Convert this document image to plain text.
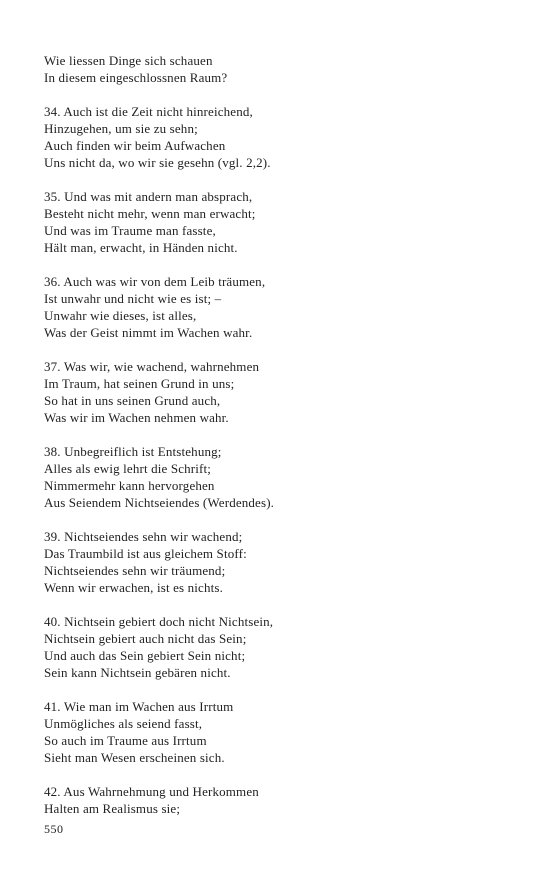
Wie liessen Dinge sich schauen
In diesem eingeschlossnen Raum?
34. Auch ist die Zeit nicht hinreichend,
Hinzugehen, um sie zu sehn;
Auch finden wir beim Aufwachen
Uns nicht da, wo wir sie gesehn (vgl. 2,2).
35. Und was mit andern man absprach,
Besteht nicht mehr, wenn man erwacht;
Und was im Traume man fasste,
Hält man, erwacht, in Händen nicht.
36. Auch was wir von dem Leib träumen,
Ist unwahr und nicht wie es ist; –
Unwahr wie dieses, ist alles,
Was der Geist nimmt im Wachen wahr.
37. Was wir, wie wachend, wahrnehmen
Im Traum, hat seinen Grund in uns;
So hat in uns seinen Grund auch,
Was wir im Wachen nehmen wahr.
38. Unbegreiflich ist Entstehung;
Alles als ewig lehrt die Schrift;
Nimmermehr kann hervorgehen
Aus Seiendem Nichtseiendes (Werdendes).
39. Nichtseiendes sehn wir wachend;
Das Traumbild ist aus gleichem Stoff:
Nichtseiendes sehn wir träumend;
Wenn wir erwachen, ist es nichts.
40. Nichtsein gebiert doch nicht Nichtsein,
Nichtsein gebiert auch nicht das Sein;
Und auch das Sein gebiert Sein nicht;
Sein kann Nichtsein gebären nicht.
41. Wie man im Wachen aus Irrtum
Unmögliches als seiend fasst,
So auch im Traume aus Irrtum
Sieht man Wesen erscheinen sich.
42. Aus Wahrnehmung und Herkommen
Halten am Realismus sie;
550
